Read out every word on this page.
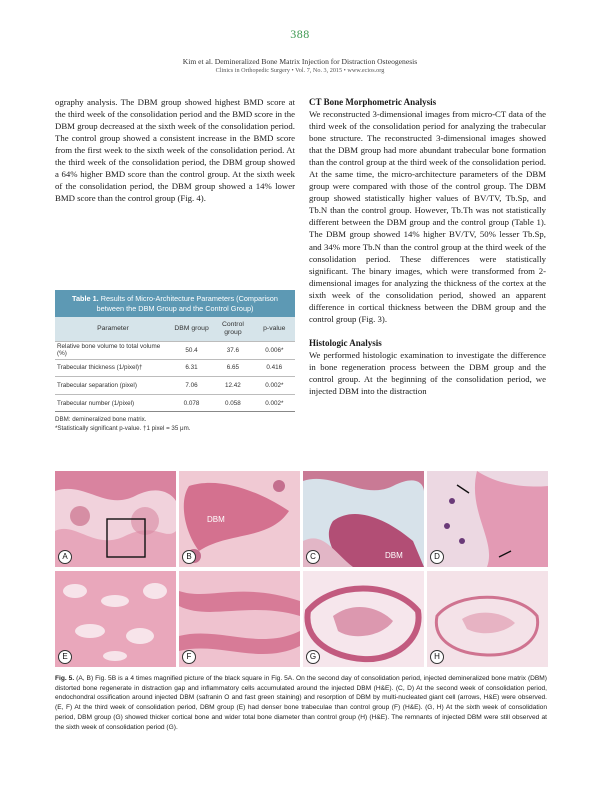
388
Kim et al. Demineralized Bone Matrix Injection for Distraction Osteogenesis
Clinics in Orthopedic Surgery • Vol. 7, No. 3, 2015 • www.ecios.org

ography analysis. The DBM group showed highest BMD score at the third week of the consolidation period and the BMD score in the DBM group decreased at the sixth week of the consolidation period. The control group showed a consistent increase in the BMD score from the first week to the sixth week of the consolidation period. At the third week of the consolidation period, the DBM group showed a 64% higher BMD score than the control group. At the sixth week of the consolidation period, the DBM group showed a 14% lower BMD score than the control group (Fig. 4).

Table 1. Results of Micro-Architecture Parameters (Comparison between the DBM Group and the Control Group)
Parameter	DBM group	Control group	p-value
Relative bone volume to total volume (%)	50.4	37.6	0.006*
Trabecular thickness (1/pixel)†	6.31	6.65	0.416
Trabecular separation (pixel)	7.06	12.42	0.002*
Trabecular number (1/pixel)	0.078	0.058	0.002*
DBM: demineralized bone matrix.
*Statistically significant p-value. †1 pixel = 35 μm.

CT Bone Morphometric Analysis

We reconstructed 3-dimensional images from micro-CT data of the third week of the consolidation period for analyzing the trabecular bone structure. The reconstructed 3-dimensional images showed that the DBM group had more abundant trabecular bone formation than the control group at the third week of the consolidation period. At the same time, the micro-architecture parameters of the DBM group were compared with those of the control group. The DBM group showed statistically higher values of BV/TV, Tb.Sp, and Tb.N than the control group. However, Tb.Th was not statistically different between the DBM group and the control group (Table 1). The DBM group showed 14% higher BV/TV, 50% lesser Tb.Sp, and 34% more Tb.N than the control group at the third week of the consolidation period. These differences were statistically significant. The binary images, which were transformed from 2-dimensional images for analyzing the thickness of the cortex at the sixth week of the consolidation period, showed an apparent difference in cortical thickness between the DBM group and the control group (Fig. 3).

Histologic Analysis

We performed histologic examination to investigate the difference in bone regeneration process between the DBM group and the control group. At the beginning of the consolidation period, we injected DBM into the distraction

A
DBM
B	DBM
C	D
E	F	G	H
Fig. 5. (A, B) Fig. 5B is a 4 times magnified picture of the black square in Fig. 5A. On the second day of consolidation period, injected demineralized bone matrix (DBM) distorted bone regenerate in distraction gap and inflammatory cells accumulated around the injected DBM (H&E). (C, D) At the second week of consolidation period, endochondral ossification around injected DBM (safranin O and fast green staining) and resorption of DBM by multi-nucleated giant cell (arrows, H&E) were observed. (E, F) At the third week of consolidation period, DBM group (E) had denser bone trabeculae than control group (F) (H&E). (G, H) At the sixth week of consolidation period, DBM group (G) showed thicker cortical bone and wider total bone diameter than control group (H) (H&E). The remnants of injected DBM were still observed at the sixth week of consolidation period (G).
